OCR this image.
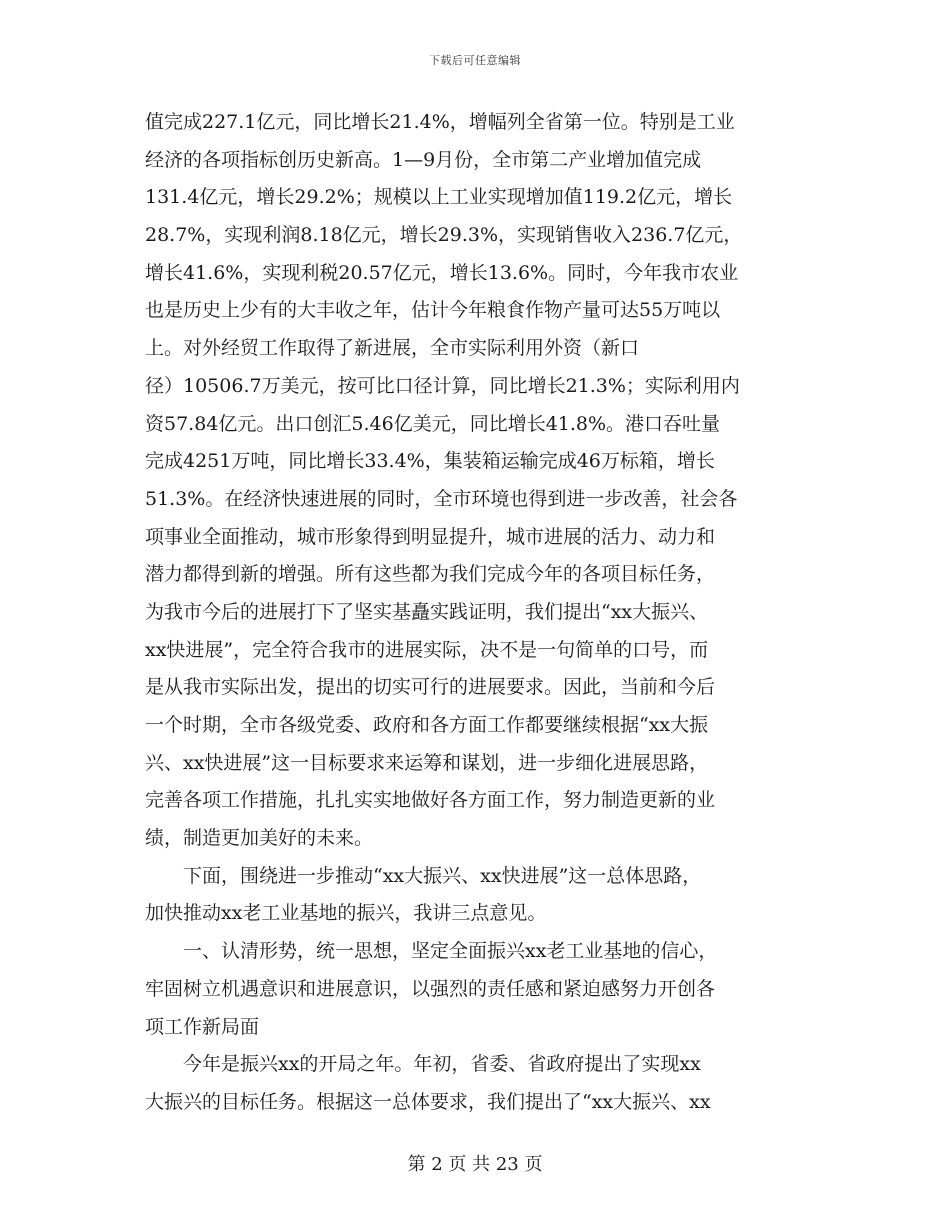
下载后可任意编辑
值完成227.1亿元，同比增长21.4%，增幅列全省第一位。特别是工业
经济的各项指标创历史新高。1—9月份，全市第二产业增加值完成
131.4亿元，增长29.2%；规模以上工业实现增加值119.2亿元，增长
28.7%，实现利润8.18亿元，增长29.3%，实现销售收入236.7亿元，
增长41.6%，实现利税20.57亿元，增长13.6%。同时，今年我市农业
也是历史上少有的大丰收之年，估计今年粮食作物产量可达55万吨以
上。对外经贸工作取得了新进展，全市实际利用外资（新口
径）10506.7万美元，按可比口径计算，同比增长21.3%；实际利用内
资57.84亿元。出口创汇5.46亿美元，同比增长41.8%。港口吞吐量
完成4251万吨，同比增长33.4%，集装箱运输完成46万标箱，增长
51.3%。在经济快速进展的同时，全市环境也得到进一步改善，社会各
项事业全面推动，城市形象得到明显提升，城市进展的活力、动力和
潜力都得到新的增强。所有这些都为我们完成今年的各项目标任务，
为我市今后的进展打下了坚实基矗实践证明，我们提出“xx大振兴、
xx快进展”，完全符合我市的进展实际，决不是一句简单的口号，而
是从我市实际出发，提出的切实可行的进展要求。因此，当前和今后
一个时期，全市各级党委、政府和各方面工作都要继续根据“xx大振
兴、xx快进展”这一目标要求来运筹和谋划，进一步细化进展思路，
完善各项工作措施，扎扎实实地做好各方面工作，努力制造更新的业
绩，制造更加美好的未来。
　　下面，围绕进一步推动“xx大振兴、xx快进展”这一总体思路，
加快推动xx老工业基地的振兴，我讲三点意见。
　　一、认清形势，统一思想，坚定全面振兴xx老工业基地的信心，
牢固树立机遇意识和进展意识，以强烈的责任感和紧迫感努力开创各
项工作新局面
　　今年是振兴xx的开局之年。年初，省委、省政府提出了实现xx
大振兴的目标任务。根据这一总体要求，我们提出了“xx大振兴、xx
第 2 页 共 23 页
